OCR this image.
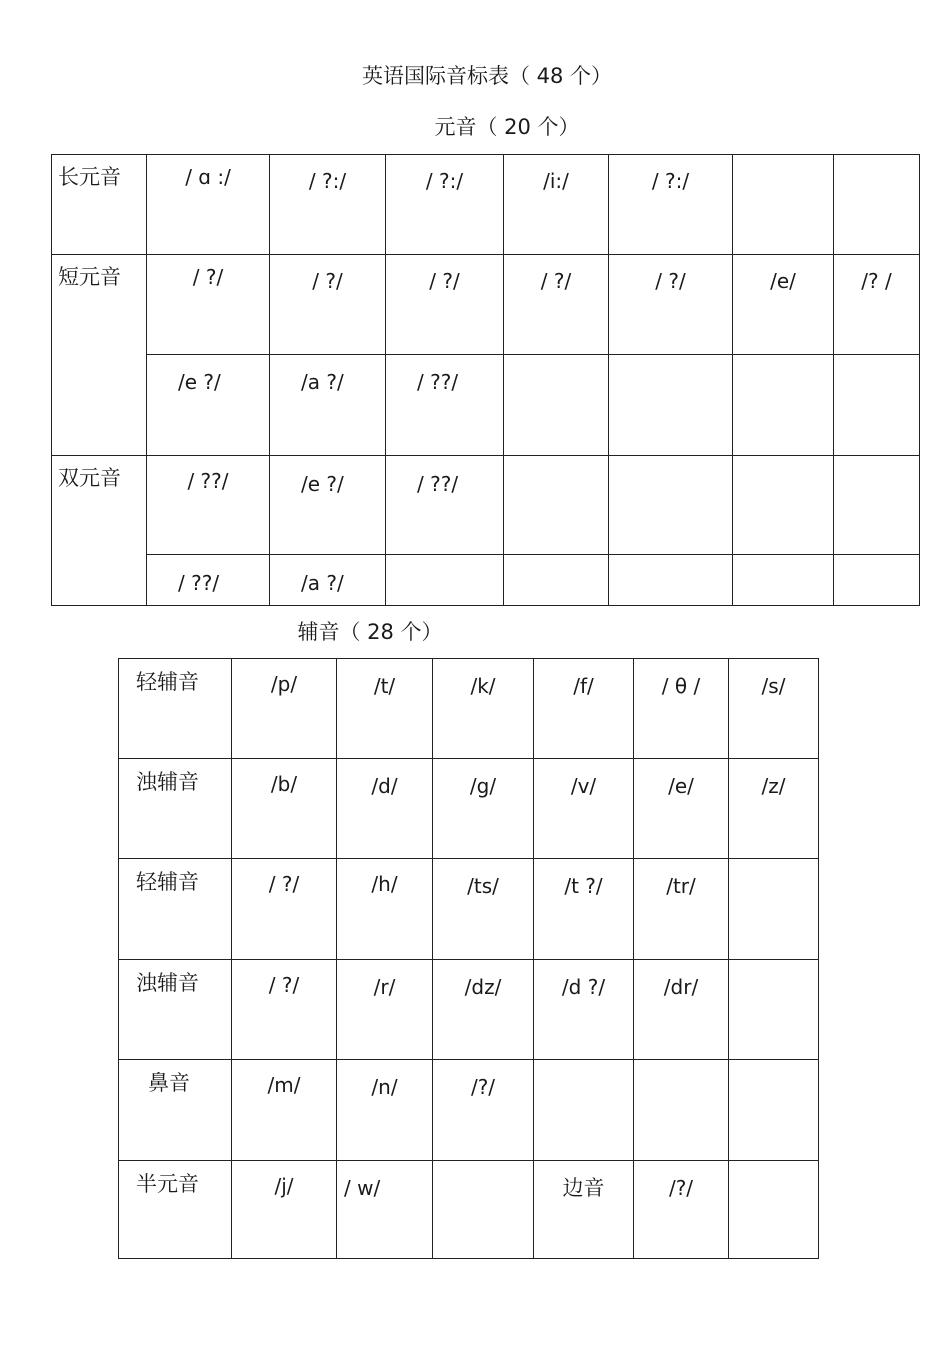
英语国际音标表（ 48 个）
元音（ 20 个）
长元音	/ ɑ :/	/ ?:/	/ ?:/	/i:/	/ ?:/		

短元音	/ ?/	/ ?/	/ ?/	/ ?/	/ ?/	/e/	/? /

	/e ?/	/a ?/	/ ??/				

双元音	/ ??/	/e ?/	/ ??/				

	/ ??/	/a ?/					

辅音（ 28 个）
轻辅音	/p/	/t/	/k/	/f/	/ θ /	/s/

浊辅音	/b/	/d/	/g/	/v/	/e/	/z/

轻辅音	/ ?/	/h/	/ts/	/t ?/	/tr/	

浊辅音	/ ?/	/r/	/dz/	/d ?/	/dr/	

鼻音	/m/	/n/	/?/			

半元音	/j/	/ w/		边音	/?/	
